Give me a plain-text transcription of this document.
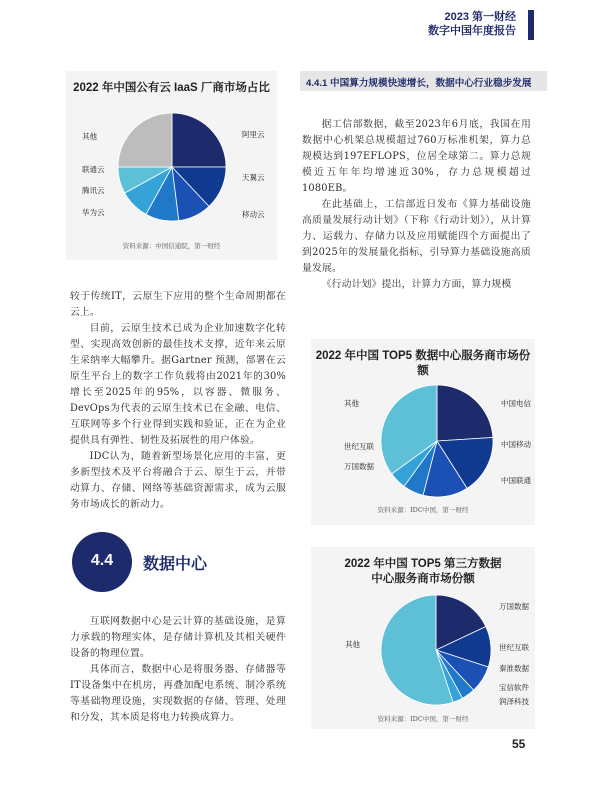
2023 第一财经
数字中国年度报告
2022 年中国公有云 IaaS 厂商市场占比
阿里云
天翼云
移动云
华为云
腾讯云
联通云
其他
资料来源：中国信通院，第一财经
4.4.1 中国算力规模快速增长，数据中心行业稳步发展

据工信部数据，截至2023年6月底，我国在用数据中心机架总规模超过760万标准机架，算力总规模达到197EFLOPS，位居全球第二。算力总规模近五年年均增速近30%，存力总规模超过1080EB。

在此基础上，工信部近日发布《算力基础设施高质量发展行动计划》（下称《行动计划》），从计算力、运载力、存储力以及应用赋能四个方面提出了到2025年的发展量化指标，引导算力基础设施高质量发展。

《行动计划》提出，计算力方面，算力规模

较于传统IT，云原生下应用的整个生命周期都在云上。

目前，云原生技术已成为企业加速数字化转型、实现高效创新的最佳技术支撑，近年来云原生采纳率大幅攀升。据Gartner 预测，部署在云原生平台上的数字工作负载将由2021年的30%增长至2025年的95%，以容器、微服务、DevOps为代表的云原生技术已在金融、电信、互联网等多个行业得到实践和验证，正在为企业提供具有弹性、韧性及拓展性的用户体验。

IDC认为，随着新型场景化应用的丰富，更多新型技术及平台将融合于云、原生于云，并带动算力、存储、网络等基础资源需求，成为云服务市场成长的新动力。

2022 年中国 TOP5 数据中心服务商市场份额
中国电信
中国移动
中国联通
万国数据
世纪互联
其他
资料来源：IDC中国，第一财经
4.4	数据中心

互联网数据中心是云计算的基础设施，是算力承载的物理实体，是存储计算机及其相关硬件设备的物理位置。

具体而言，数据中心是将服务器、存储器等IT设备集中在机房，再叠加配电系统、制冷系统等基础物理设施，实现数据的存储、管理、处理和分发，其本质是将电力转换成算力。

2022 年中国 TOP5 第三方数据中心服务商市场份额
万国数据
世纪互联
秦淮数据
宝信软件
润泽科技
其他
资料来源：IDC中国，第一财经
55
